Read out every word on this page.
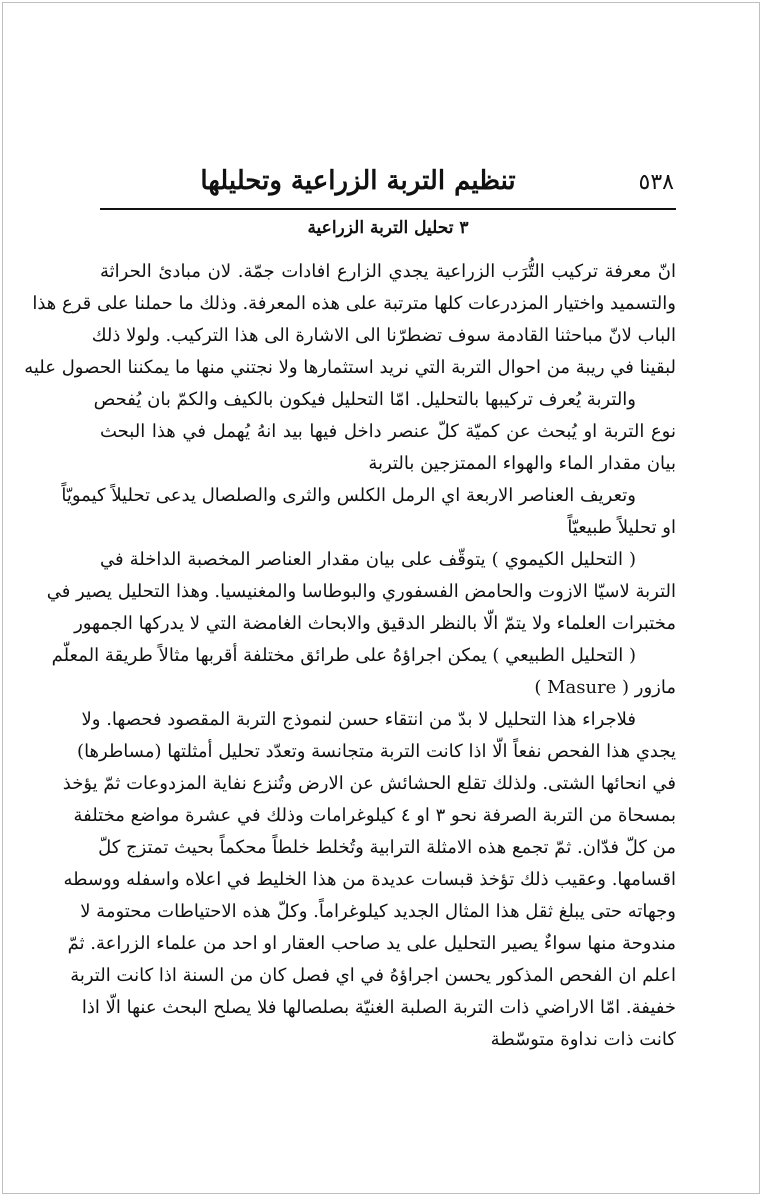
٥٣٨
تنظيم التربة الزراعية وتحليلها
٣ تحليل التربة الزراعية
انّ معرفة تركيب التُّرَب الزراعية يجدي الزارع افادات جمّة. لان مبادئ الحراثة
والتسميد واختيار المزدرعات كلها مترتبة على هذه المعرفة. وذلك ما حملنا على قرع هذا
الباب لانّ مباحثنا القادمة سوف تضطرّنا الى الاشارة الى هذا التركيب. ولولا ذلك
لبقينا في ريبة من احوال التربة التي نريد استثمارها ولا نجتني منها ما يمكننا الحصول عليه
والتربة يُعرف تركيبها بالتحليل. امّا التحليل فيكون بالكيف والكمّ بان يُفحص
نوع التربة او يُبحث عن كميّة كلّ عنصر داخل فيها بيد انهُ يُهمل في هذا البحث
بيان مقدار الماء والهواء الممتزجين بالتربة
وتعريف العناصر الاربعة اي الرمل الكلس والثرى والصلصال يدعى تحليلاً كيمويّاً
او تحليلاً طبيعيّاً
( التحليل الكيموي ) يتوقّف على بيان مقدار العناصر المخصبة الداخلة في
التربة لاسيّا الازوت والحامض الفسفوري والبوطاسا والمغنيسيا. وهذا التحليل يصير في
مختبرات العلماء ولا يتمّ الّا بالنظر الدقيق والابحاث الغامضة التي لا يدركها الجمهور
( التحليل الطبيعي ) يمكن اجراؤهُ على طرائق مختلفة أقربها مثالاً طريقة المعلّم
مازور ( Masure )
فلاجراء هذا التحليل لا بدّ من انتقاء حسن لنموذج التربة المقصود فحصها. ولا
يجدي هذا الفحص نفعاً الّا اذا كانت التربة متجانسة وتعدّد تحليل أمثلتها (مساطرها)
في انحائها الشتى. ولذلك تقلع الحشائش عن الارض وتُنزع نفاية المزدوعات ثمّ يؤخذ
بمسحاة من التربة الصرفة نحو ٣ او ٤ كيلوغرامات وذلك في عشرة مواضع مختلفة
من كلّ فدّان. ثمّ تجمع هذه الامثلة الترابية وتُخلط خلطاً محكماً بحيث تمتزج كلّ
اقسامها. وعقيب ذلك تؤخذ قبسات عديدة من هذا الخليط في اعلاه واسفله ووسطه
وجهاته حتى يبلغ ثقل هذا المثال الجديد كيلوغراماً. وكلّ هذه الاحتياطات محتومة لا
مندوحة منها سواءٌ يصير التحليل على يد صاحب العقار او احد من علماء الزراعة. ثمّ
اعلم ان الفحص المذكور يحسن اجراؤهُ في اي فصل كان من السنة اذا كانت التربة
خفيفة. امّا الاراضي ذات التربة الصلبة الغنيّة بصلصالها فلا يصلح البحث عنها الّا اذا
كانت ذات نداوة متوسّطة
